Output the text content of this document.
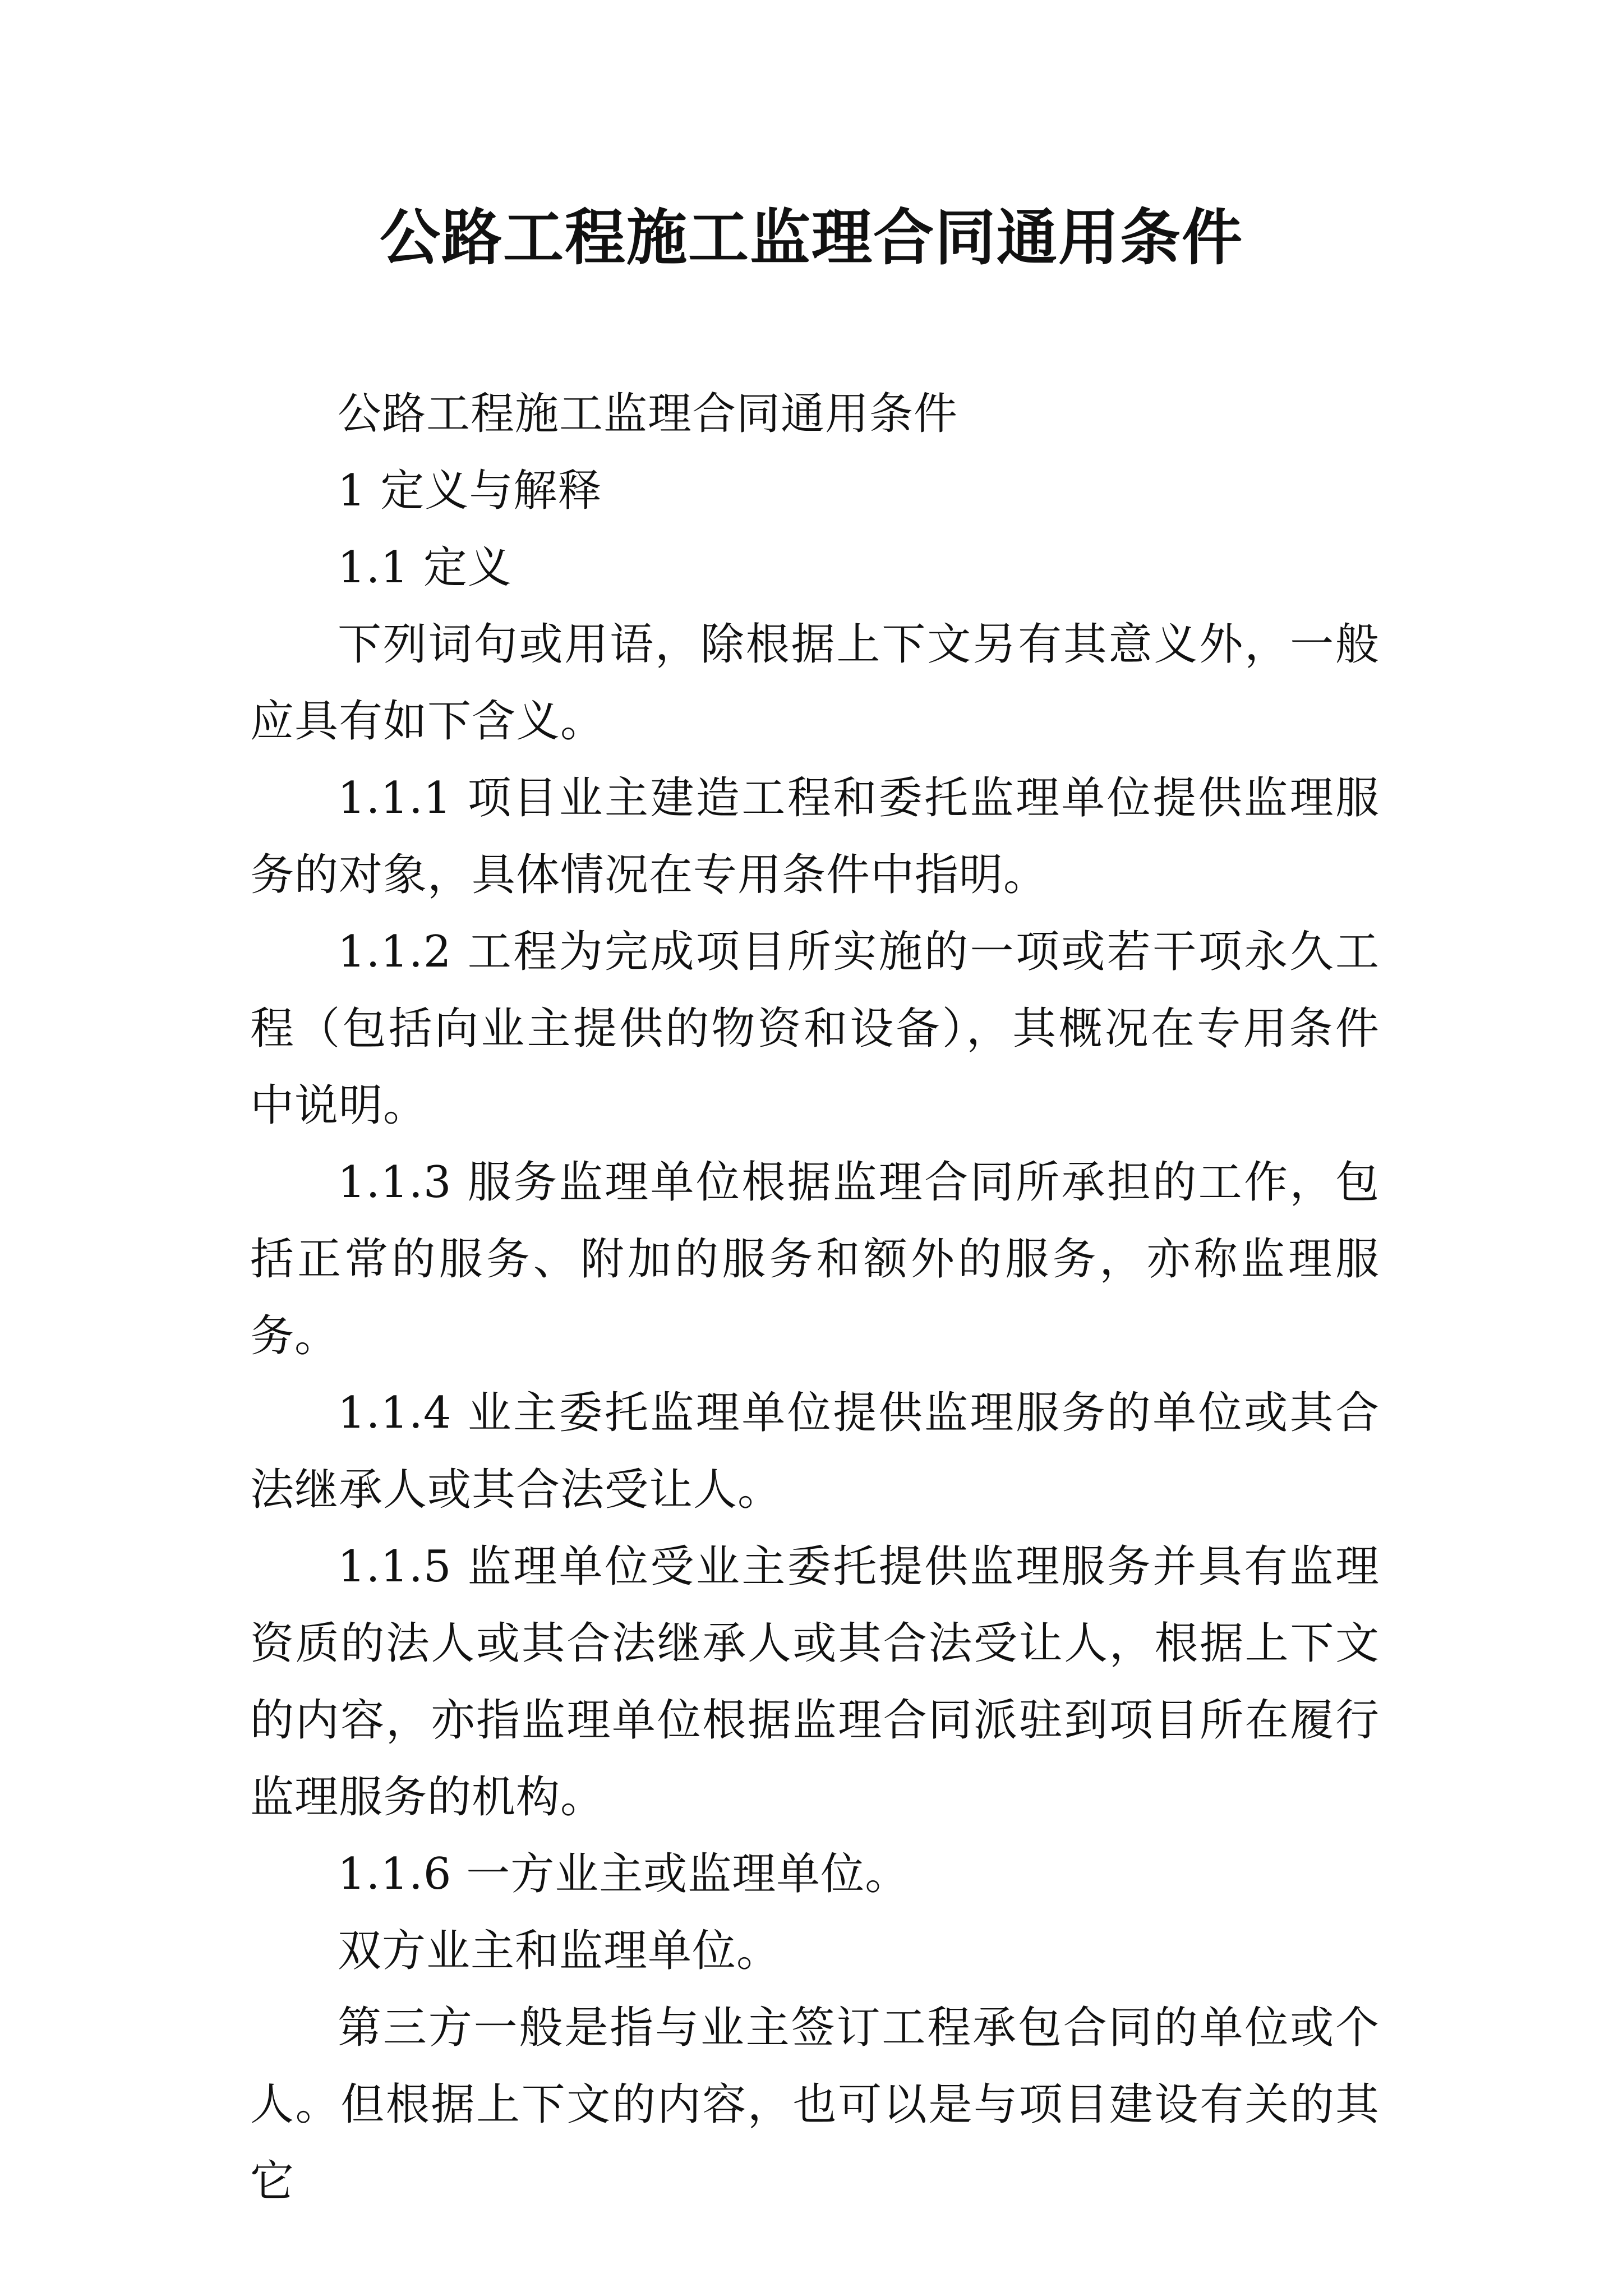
公路工程施工监理合同通用条件

公路工程施工监理合同通用条件

1 定义与解释

1.1 定义

下列词句或用语，除根据上下文另有其意义外，一般应具有如下含义。

1.1.1 项目业主建造工程和委托监理单位提供监理服务的对象，具体情况在专用条件中指明。

1.1.2 工程为完成项目所实施的一项或若干项永久工程（包括向业主提供的物资和设备），其概况在专用条件中说明。

1.1.3 服务监理单位根据监理合同所承担的工作，包括正常的服务、附加的服务和额外的服务，亦称监理服务。

1.1.4 业主委托监理单位提供监理服务的单位或其合法继承人或其合法受让人。

1.1.5 监理单位受业主委托提供监理服务并具有监理资质的法人或其合法继承人或其合法受让人，根据上下文的内容，亦指监理单位根据监理合同派驻到项目所在履行监理服务的机构。

1.1.6 一方业主或监理单位。

双方业主和监理单位。

第三方一般是指与业主签订工程承包合同的单位或个人。但根据上下文的内容，也可以是与项目建设有关的其它
